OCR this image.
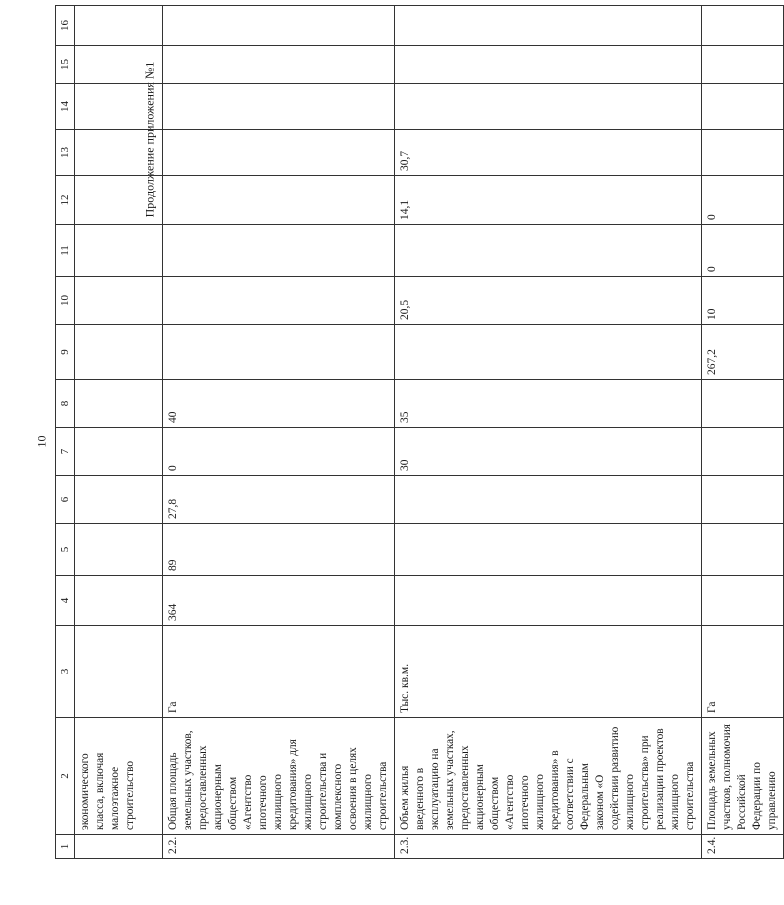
10
Продолжение приложения №1
1	2	3	4	5	6	7	8	9	10	11	12	13	14	15	16
	экономического класса, включая малоэтажное строительство														
2.2.	Общая площадь земельных участков, предоставленных акционерным обществом «Агентство ипотечного жилищного кредитования» для жилищного строительства и комплексного освоения в целях жилищного строительства	Га	364	89	27,8	0	40								
2.3.	Объем жилья введенного в эксплуатацию на земельных участках, предоставленных акционерным обществом «Агентство ипотечного жилищного кредитования» в соответствии с Федеральным законом «О содействии развитию жилищного строительства» при реализации проектов жилищного строительства	Тыс. кв.м.				30	35		20,5		14,1	30,7			
2.4.	Площадь земельных участков, полномочия Российской Федерации по управлению	Га						267,2	10	0	0				
